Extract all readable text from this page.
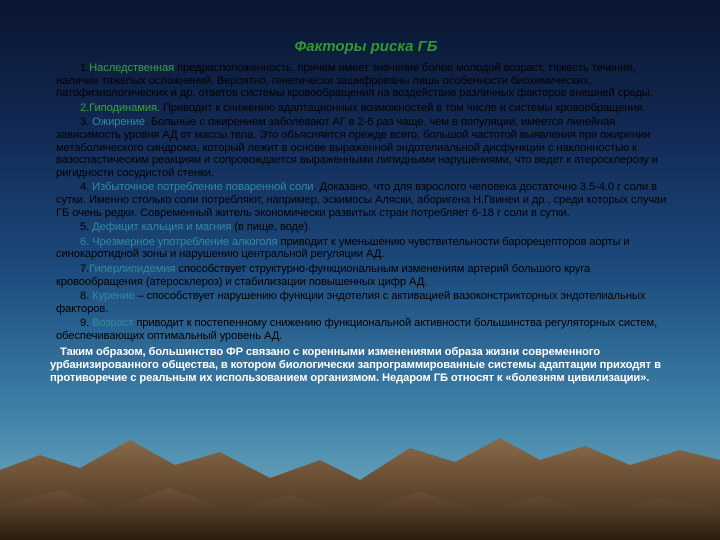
Факторы риска ГБ

1.Наследственная предрасположенность, причем имеет значение более молодой возраст, тяжесть течения, наличие тяжелых осложнений. Вероятно, генетически зашифрованы лишь особенности биохимических, патофизиологических и др. ответов системы кровообращения на воздействие различных факторов внешней среды.

2.Гиподинамия. Приводит к снижению адаптационных возможностей в том числе и системы кровообращения.

3. Ожирение. Больные с ожирением заболевают АГ в 2-6 раз чаще, чем в популяции, имеется линейная зависимость уровня АД от массы тела. Это объясняется прежде всего, большой частотой выявления при ожирении метаболического синдрома, который лежит в основе выраженной эндотелиальной дисфункции с наклонностью к вазоспастическим реакциям и сопровождается выраженными липидными нарушениями, что ведет к атеросклерозу и ригидности сосудистой стенки.

4. Избыточное потребление поваренной соли. Доказано, что для взрослого человека достаточно 3.5-4.0 г соли в сутки. Именно столько соли потребляют, например, эскимосы Аляски, аборигена Н.Гвинеи и др., среди которых случаи ГБ очень редки. Современный житель экономически развитых стран потребляет 6-18 г соли в сутки.

5. Дефицит кальция и магния (в пище, воде).

6. Чрезмерное употребление алкоголя приводит к уменьшению чувствительности барорецепторов аорты и синокаротидной зоны и нарушению центральной регуляции АД.

7.Гиперлипидемия способствует структурно-функциональным изменениям артерий большого круга кровообращения (атеросклероз) и стабилизации повышенных цифр АД.

8. Курение – способствует нарушению функции эндотелия с активацией вазоконстрикторных эндотелиальных факторов.

9. Возраст приводит к постепенному снижению функциональной активности большинства регуляторных систем, обеспечивающих оптимальный уровень АД.

Таким образом, большинство ФР связано с коренными изменениями образа жизни современного урбанизированного общества, в котором биологически запрограммированные системы адаптации приходят в противоречие с реальным их использованием организмом. Недаром ГБ относят к «болезням цивилизации».
